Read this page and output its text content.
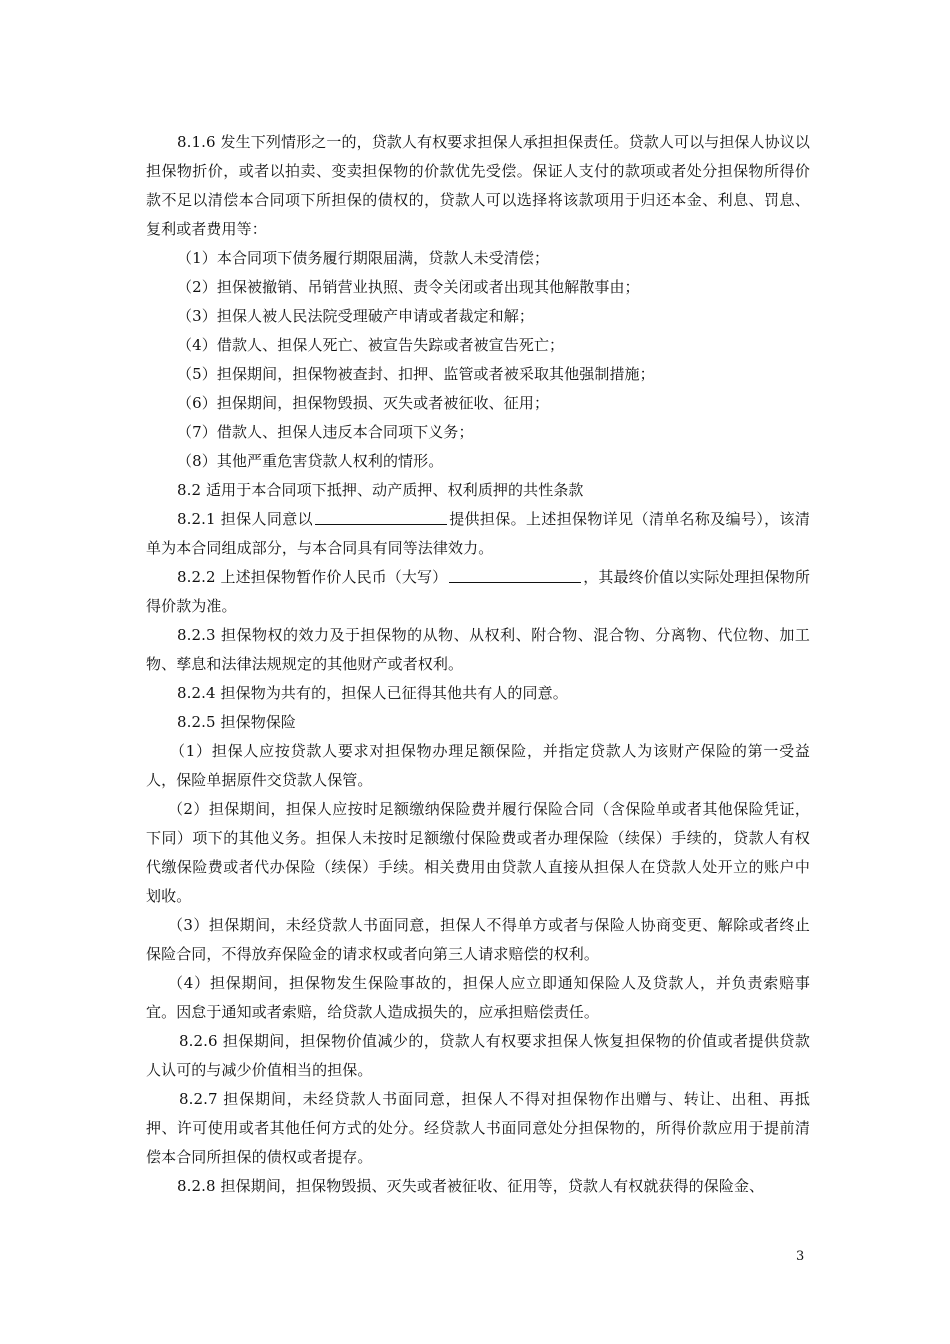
8.1.6 发生下列情形之一的，贷款人有权要求担保人承担担保责任。贷款人可以与担保人协议以担保物折价，或者以拍卖、变卖担保物的价款优先受偿。保证人支付的款项或者处分担保物所得价款不足以清偿本合同项下所担保的债权的，贷款人可以选择将该款项用于归还本金、利息、罚息、复利或者费用等：

（1）本合同项下债务履行期限届满，贷款人未受清偿；

（2）担保被撤销、吊销营业执照、责令关闭或者出现其他解散事由；

（3）担保人被人民法院受理破产申请或者裁定和解；

（4）借款人、担保人死亡、被宣告失踪或者被宣告死亡；

（5）担保期间，担保物被查封、扣押、监管或者被采取其他强制措施；

（6）担保期间，担保物毁损、灭失或者被征收、征用；

（7）借款人、担保人违反本合同项下义务；

（8）其他严重危害贷款人权利的情形。

8.2 适用于本合同项下抵押、动产质押、权利质押的共性条款

8.2.1 担保人同意以	提供担保。上述担保物详见（清单名称及编号），该清单为本合同组成部分，与本合同具有同等法律效力。

8.2.2 上述担保物暂作价人民币（大写）	，其最终价值以实际处理担保物所得价款为准。

8.2.3 担保物权的效力及于担保物的从物、从权利、附合物、混合物、分离物、代位物、加工物、孳息和法律法规规定的其他财产或者权利。

8.2.4 担保物为共有的，担保人已征得其他共有人的同意。

8.2.5 担保物保险

（1）担保人应按贷款人要求对担保物办理足额保险，并指定贷款人为该财产保险的第一受益人，保险单据原件交贷款人保管。

（2）担保期间，担保人应按时足额缴纳保险费并履行保险合同（含保险单或者其他保险凭证，下同）项下的其他义务。担保人未按时足额缴付保险费或者办理保险（续保）手续的，贷款人有权代缴保险费或者代办保险（续保）手续。相关费用由贷款人直接从担保人在贷款人处开立的账户中划收。

（3）担保期间，未经贷款人书面同意，担保人不得单方或者与保险人协商变更、解除或者终止保险合同，不得放弃保险金的请求权或者向第三人请求赔偿的权利。

（4）担保期间，担保物发生保险事故的，担保人应立即通知保险人及贷款人，并负责索赔事宜。因怠于通知或者索赔，给贷款人造成损失的，应承担赔偿责任。

8.2.6 担保期间，担保物价值减少的，贷款人有权要求担保人恢复担保物的价值或者提供贷款人认可的与减少价值相当的担保。

8.2.7 担保期间，未经贷款人书面同意，担保人不得对担保物作出赠与、转让、出租、再抵押、许可使用或者其他任何方式的处分。经贷款人书面同意处分担保物的，所得价款应用于提前清偿本合同所担保的债权或者提存。

8.2.8 担保期间，担保物毁损、灭失或者被征收、征用等，贷款人有权就获得的保险金、

3
